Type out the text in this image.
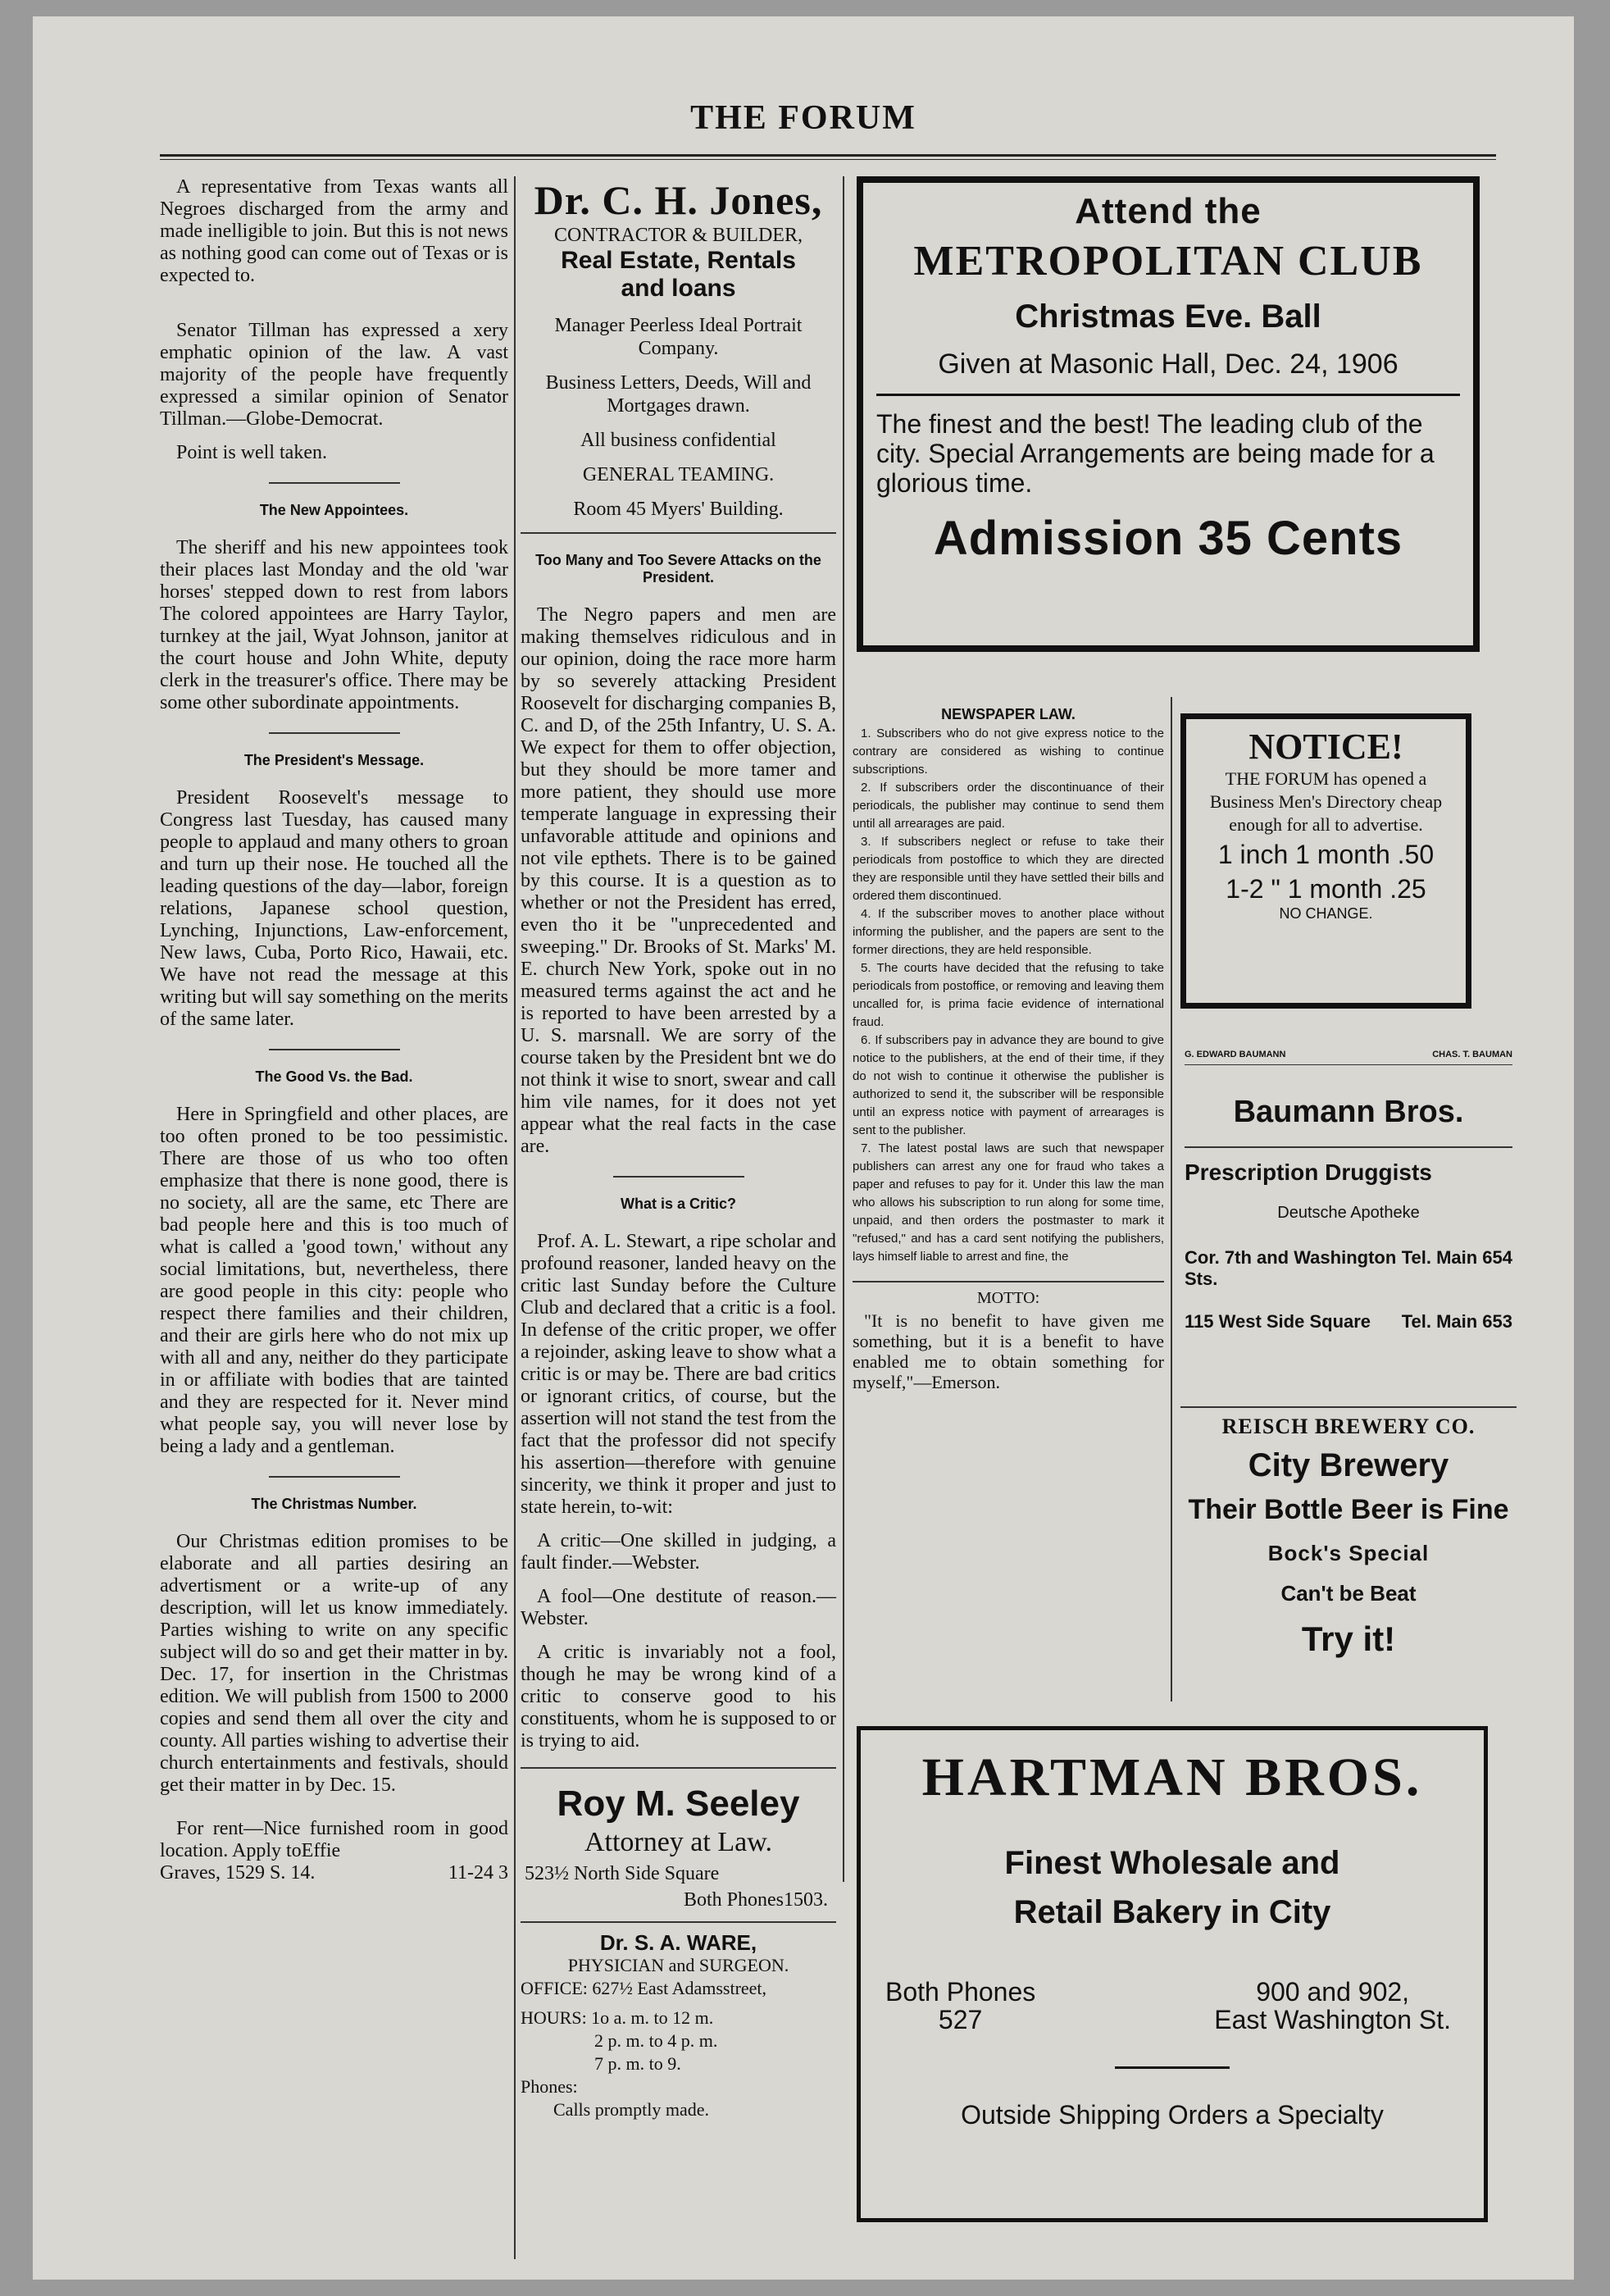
THE FORUM

A representative from Texas wants all Negroes discharged from the army and made inelligible to join. But this is not news as nothing good can come out of Texas or is expected to.

Senator Tillman has expressed a xery emphatic opinion of the law. A vast majority of the people have frequently expressed a similar opinion of Senator Tillman.—Globe-Democrat.

Point is well taken.

The New Appointees.

The sheriff and his new appointees took their places last Monday and the old 'war horses' stepped down to rest from labors The colored appointees are Harry Taylor, turnkey at the jail, Wyat Johnson, janitor at the court house and John White, deputy clerk in the treasurer's office. There may be some other subordinate appointments.

The President's Message.

President Roosevelt's message to Congress last Tuesday, has caused many people to applaud and many others to groan and turn up their nose. He touched all the leading questions of the day—labor, foreign relations, Japanese school question, Lynching, Injunctions, Law-enforcement, New laws, Cuba, Porto Rico, Hawaii, etc. We have not read the message at this writing but will say something on the merits of the same later.

The Good Vs. the Bad.

Here in Springfield and other places, are too often proned to be too pessimistic. There are those of us who too often emphasize that there is none good, there is no society, all are the same, etc There are bad people here and this is too much of what is called a 'good town,' without any social limitations, but, nevertheless, there are good people in this city: people who respect there families and their children, and their are girls here who do not mix up with all and any, neither do they participate in or affiliate with bodies that are tainted and they are respected for it. Never mind what people say, you will never lose by being a lady and a gentleman.

The Christmas Number.

Our Christmas edition promises to be elaborate and all parties desiring an advertisment or a write-up of any description, will let us know immediately. Parties wishing to write on any specific subject will do so and get their matter in by. Dec. 17, for insertion in the Christmas edition. We will publish from 1500 to 2000 copies and send them all over the city and county. All parties wishing to advertise their church entertainments and festivals, should get their matter in by Dec. 15.

For rent—Nice furnished room in good location. Apply toEffie

Graves, 1529 S. 14.	11-24 3
Dr. C. H. Jones,
CONTRACTOR & BUILDER,
Real Estate, Rentals
and loans
Manager Peerless Ideal Portrait Company.
Business Letters, Deeds, Will and Mortgages drawn.
All business confidential
GENERAL TEAMING.
Room 45 Myers' Building.
Too Many and Too Severe Attacks on the President.

The Negro papers and men are making themselves ridiculous and in our opinion, doing the race more harm by so severely attacking President Roosevelt for discharging companies B, C. and D, of the 25th Infantry, U. S. A. We expect for them to offer objection, but they should be more tamer and more patient, they should use more temperate language in expressing their unfavorable attitude and opinions and not vile epthets. There is to be gained by this course. It is a question as to whether or not the President has erred, even tho it be "unprecedented and sweeping." Dr. Brooks of St. Marks' M. E. church New York, spoke out in no measured terms against the act and he is reported to have been arrested by a U. S. marsnall. We are sorry of the course taken by the President bnt we do not think it wise to snort, swear and call him vile names, for it does not yet appear what the real facts in the case are.

What is a Critic?

Prof. A. L. Stewart, a ripe scholar and profound reasoner, landed heavy on the critic last Sunday before the Culture Club and declared that a critic is a fool. In defense of the critic proper, we offer a rejoinder, asking leave to show what a critic is or may be. There are bad critics or ignorant critics, of course, but the assertion will not stand the test from the fact that the professor did not specify his assertion—therefore with genuine sincerity, we think it proper and just to state herein, to-wit:

A critic—One skilled in judging, a fault finder.—Webster.

A fool—One destitute of reason.—Webster.

A critic is invariably not a fool, though he may be wrong kind of a critic to conserve good to his constituents, whom he is supposed to or is trying to aid.

Roy M. Seeley
Attorney at Law.
523½ North Side Square
Both Phones1503.
Dr. S. A. WARE,
PHYSICIAN and SURGEON.
OFFICE: 627½ East Adamsstreet,
HOURS: 1o a. m. to 12 m.
2 p. m. to 4 p. m.
7 p. m. to 9.
Phones:
Calls promptly made.
Attend the
METROPOLITAN CLUB
Christmas Eve. Ball
Given at Masonic Hall, Dec. 24, 1906
The finest and the best! The leading club of the city. Special Arrangements are being made for a glorious time.
Admission 35 Cents
NEWSPAPER LAW.

1. Subscribers who do not give express notice to the contrary are considered as wishing to continue subscriptions.

2. If subscribers order the discontinuance of their periodicals, the publisher may continue to send them until all arrearages are paid.

3. If subscribers neglect or refuse to take their periodicals from postoffice to which they are directed they are responsible until they have settled their bills and ordered them discontinued.

4. If the subscriber moves to another place without informing the publisher, and the papers are sent to the former directions, they are held responsible.

5. The courts have decided that the refusing to take periodicals from postoffice, or removing and leaving them uncalled for, is prima facie evidence of international fraud.

6. If subscribers pay in advance they are bound to give notice to the publishers, at the end of their time, if they do not wish to continue it otherwise the publisher is authorized to send it, the subscriber will be responsible until an express notice with payment of arrearages is sent to the publisher.

7. The latest postal laws are such that newspaper publishers can arrest any one for fraud who takes a paper and refuses to pay for it. Under this law the man who allows his subscription to run along for some time, unpaid, and then orders the postmaster to mark it "refused," and has a card sent notifying the publishers, lays himself liable to arrest and fine, the

MOTTO:
"It is no benefit to have given me something, but it is a benefit to have enabled me to obtain something for myself,"—Emerson.
NOTICE!
THE FORUM has opened a Business Men's Directory cheap enough for all to advertise.
1 inch 1 month .50
1-2 " 1 month .25
NO CHANGE.
G. EDWARD BAUMANN	CHAS. T. BAUMAN
Baumann Bros.
Prescription Druggists
Deutsche Apotheke
Tel. Main 654
Cor. 7th and Washington Sts.
Tel. Main 653
115 West Side Square
REISCH BREWERY CO.
City Brewery
Their Bottle Beer is Fine
Bock's Special
Can't be Beat
Try it!
HARTMAN BROS.
Finest Wholesale and
Retail Bakery in City
Both Phones
527
900 and 902,
East Washington St.
Outside Shipping Orders a Specialty
